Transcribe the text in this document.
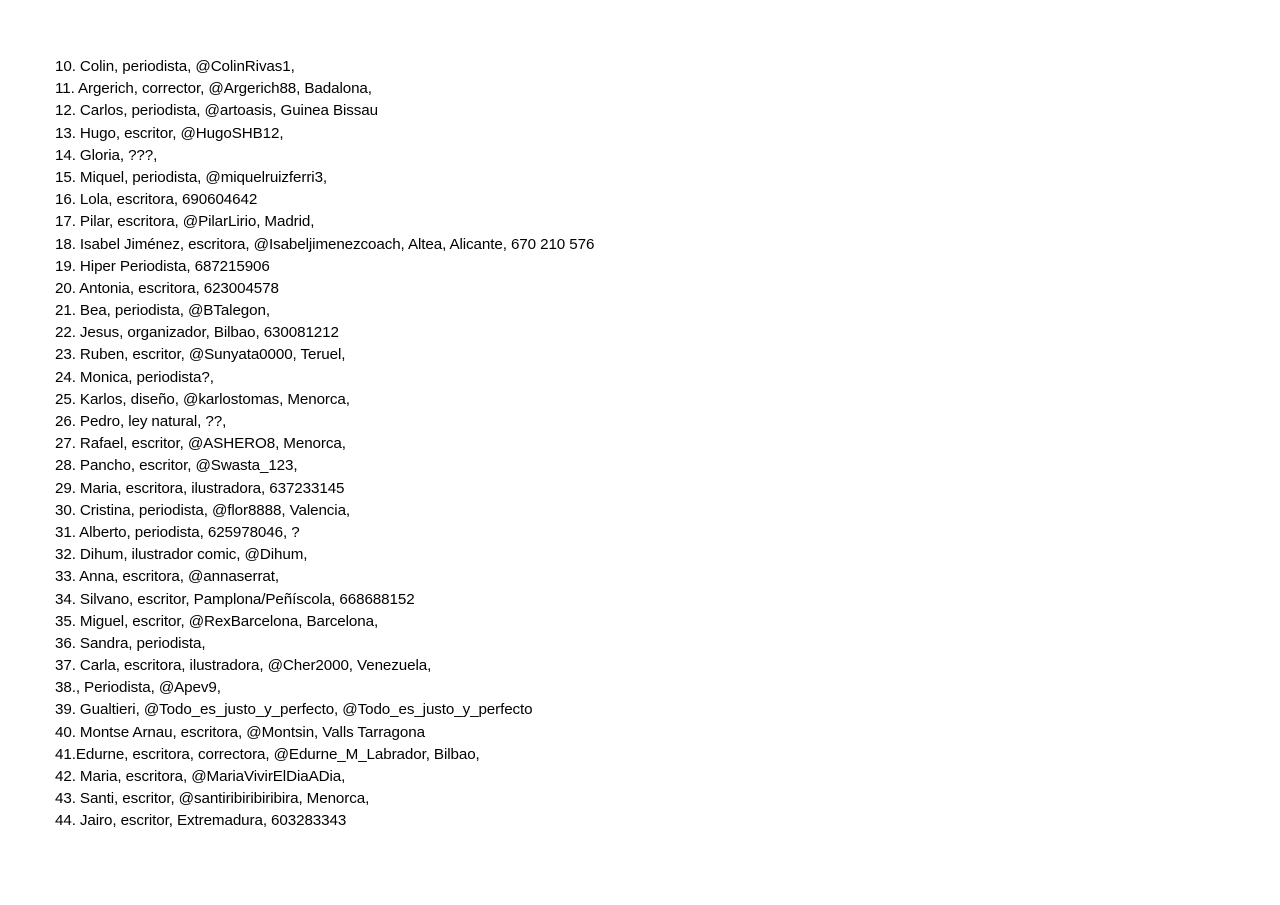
10. Colin, periodista, @ColinRivas1,
11. Argerich, corrector, @Argerich88, Badalona,
12. Carlos, periodista, @artoasis, Guinea Bissau
13. Hugo, escritor, @HugoSHB12,
14. Gloria, ???,
15. Miquel, periodista, @miquelruizferri3,
16. Lola, escritora, 690604642
17. Pilar, escritora, @PilarLirio, Madrid,
18. Isabel Jiménez, escritora, @Isabeljimenezcoach, Altea, Alicante, 670 210 576
19. Hiper Periodista, 687215906
20. Antonia, escritora, 623004578
21. Bea, periodista, @BTalegon,
22. Jesus, organizador, Bilbao, 630081212
23. Ruben, escritor, @Sunyata0000, Teruel,
24. Monica, periodista?,
25. Karlos, diseño, @karlostomas, Menorca,
26. Pedro, ley natural, ??,
27. Rafael, escritor, @ASHERO8, Menorca,
28. Pancho, escritor, @Swasta_123,
29. Maria, escritora, ilustradora, 637233145
30. Cristina, periodista, @flor8888, Valencia,
31. Alberto, periodista, 625978046, ?
32. Dihum, ilustrador comic, @Dihum,
33. Anna, escritora, @annaserrat,
34. Silvano, escritor, Pamplona/Peñíscola, 668688152
35. Miguel, escritor, @RexBarcelona, Barcelona,
36. Sandra, periodista,
37. Carla, escritora, ilustradora, @Cher2000, Venezuela,
38., Periodista, @Apev9,
39. Gualtieri, @Todo_es_justo_y_perfecto, @Todo_es_justo_y_perfecto
40. Montse Arnau, escritora, @Montsin, Valls Tarragona
41.Edurne, escritora, correctora, @Edurne_M_Labrador, Bilbao,
42. Maria, escritora, @MariaVivirElDiaADia,
43. Santi, escritor, @santiribiribiribira, Menorca,
44. Jairo, escritor, Extremadura, 603283343
